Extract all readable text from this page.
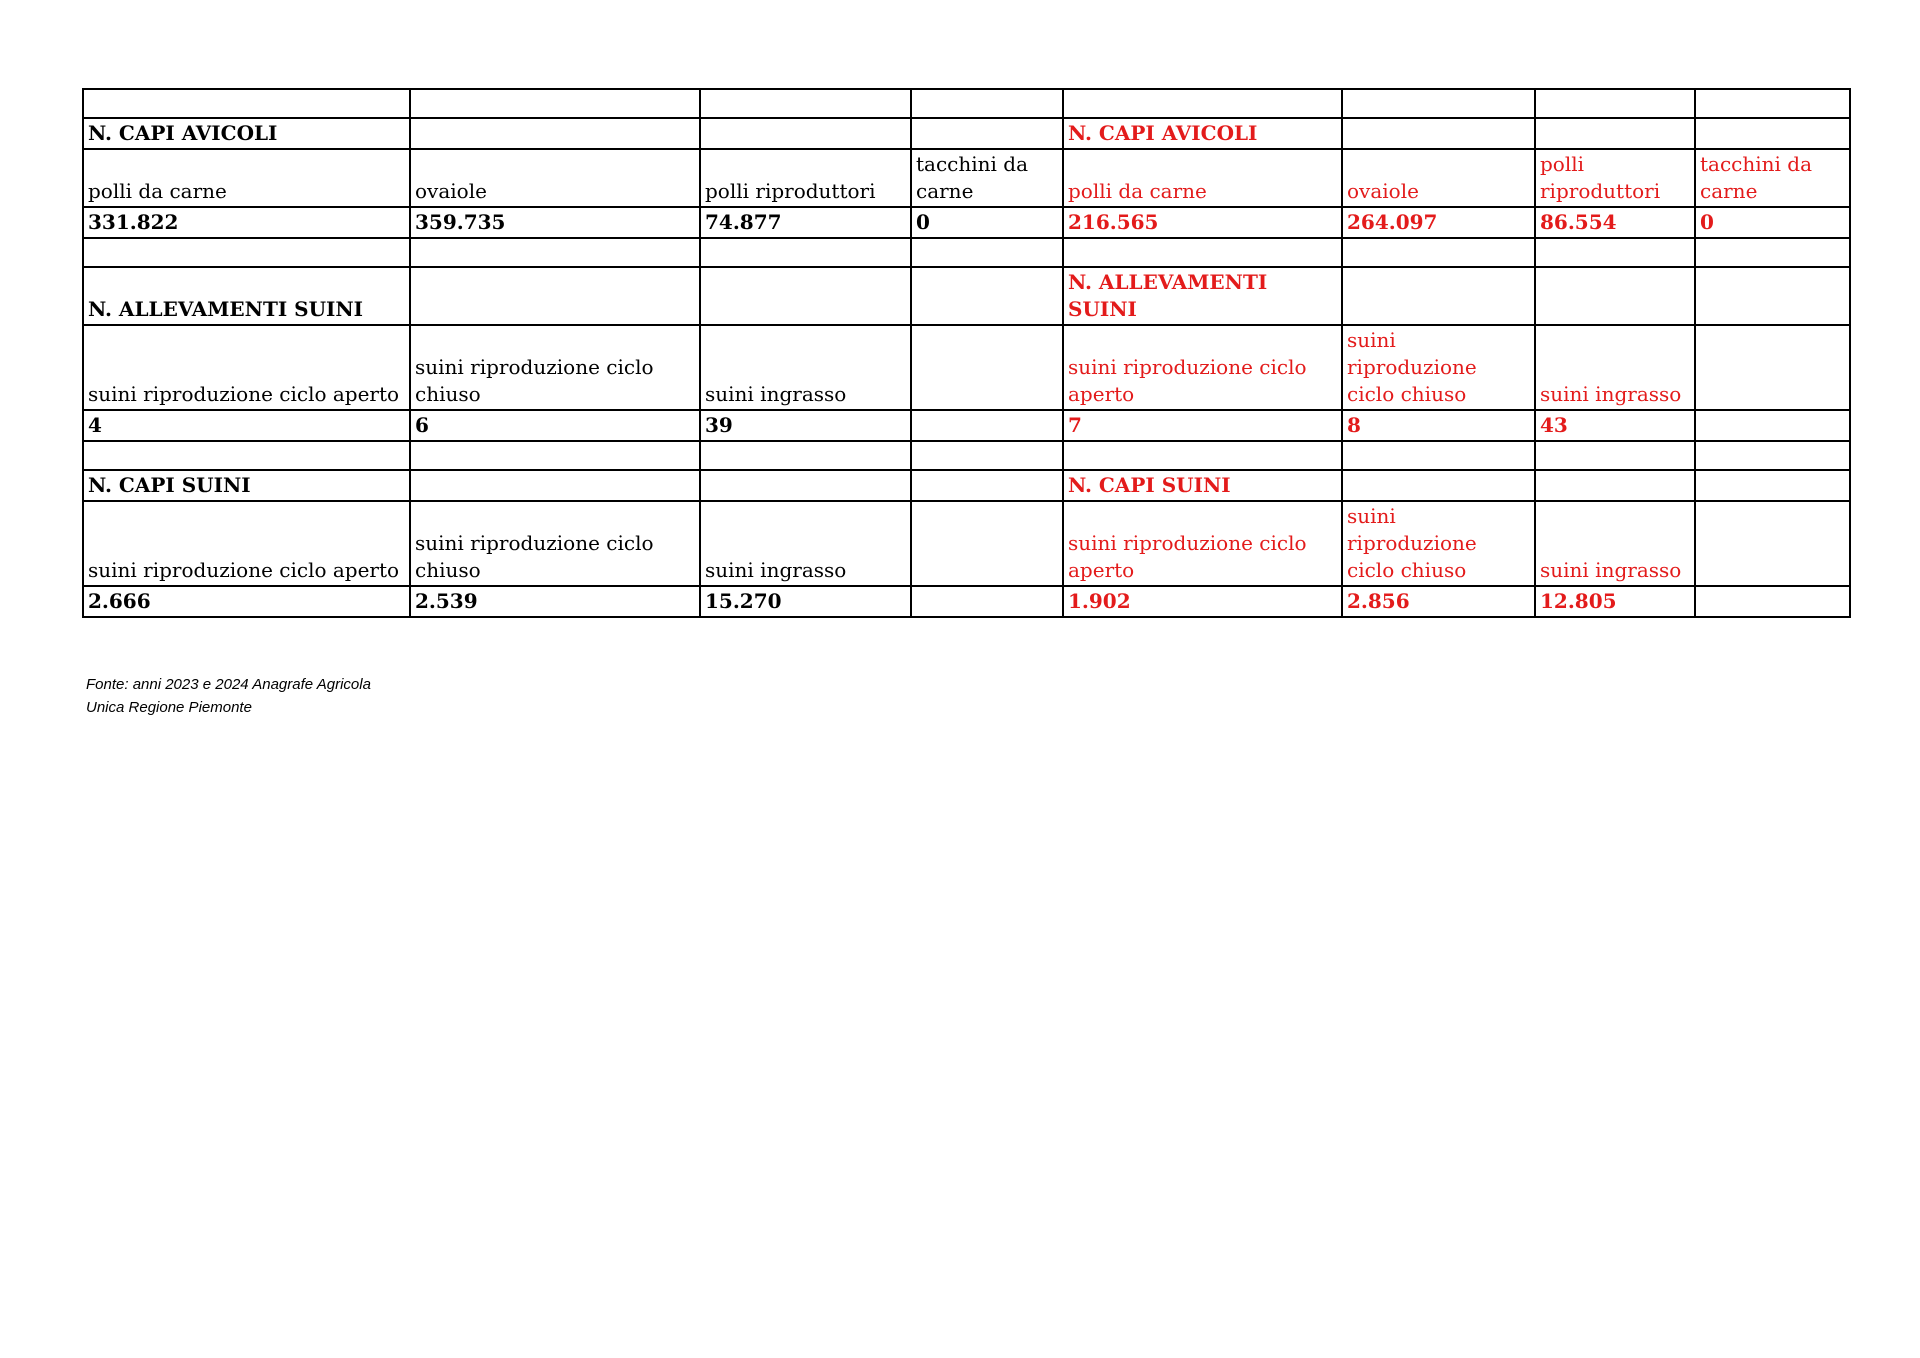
N. CAPI AVICOLI				N. CAPI AVICOLI			
polli da carne	ovaiole	polli riproduttori	tacchini da carne	polli da carne	ovaiole	polli riproduttori	tacchini da carne
331.822	359.735	74.877	0	216.565	264.097	86.554	0

N. ALLEVAMENTI SUINI				N. ALLEVAMENTI SUINI			
suini riproduzione ciclo aperto	suini riproduzione ciclo chiuso	suini ingrasso		suini riproduzione ciclo aperto	suini riproduzione ciclo chiuso	suini ingrasso	
4	6	39		7	8	43	

N. CAPI SUINI				N. CAPI SUINI			
suini riproduzione ciclo aperto	suini riproduzione ciclo chiuso	suini ingrasso		suini riproduzione ciclo aperto	suini riproduzione ciclo chiuso	suini ingrasso	
2.666	2.539	15.270		1.902	2.856	12.805	
Fonte: anni 2023 e 2024 Anagrafe Agricola
Unica Regione Piemonte
